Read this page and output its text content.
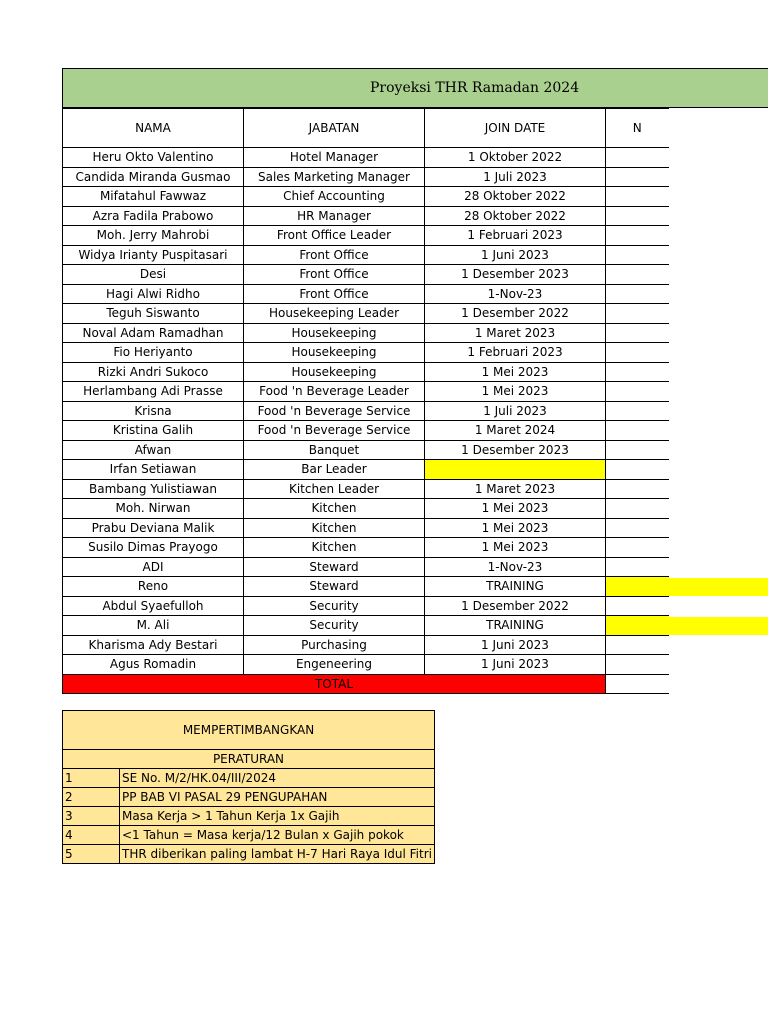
Proyeksi THR Ramadan 2024
NAMA	JABATAN	JOIN DATE	N
Heru Okto Valentino	Hotel Manager	1 Oktober 2022	
Candida Miranda Gusmao	Sales Marketing Manager	1 Juli 2023	
Mifatahul Fawwaz	Chief Accounting	28 Oktober 2022	
Azra Fadila Prabowo	HR Manager	28 Oktober 2022	
Moh. Jerry Mahrobi	Front Office Leader	1 Februari 2023	
Widya Irianty Puspitasari	Front Office	1 Juni 2023	
Desi	Front Office	1 Desember 2023	
Hagi Alwi Ridho	Front Office	1-Nov-23	
Teguh Siswanto	Housekeeping Leader	1 Desember 2022	
Noval Adam Ramadhan	Housekeeping	1 Maret 2023	
Fio Heriyanto	Housekeeping	1 Februari 2023	
Rizki Andri Sukoco	Housekeeping	1 Mei 2023	
Herlambang Adi Prasse	Food 'n Beverage Leader	1 Mei 2023	
Krisna	Food 'n Beverage Service	1 Juli 2023	
Kristina Galih	Food 'n Beverage Service	1 Maret 2024	
Afwan	Banquet	1 Desember 2023	
Irfan Setiawan	Bar Leader		
Bambang Yulistiawan	Kitchen Leader	1 Maret 2023	
Moh. Nirwan	Kitchen	1 Mei 2023	
Prabu Deviana Malik	Kitchen	1 Mei 2023	
Susilo Dimas Prayogo	Kitchen	1 Mei 2023	
ADI	Steward	1-Nov-23	
Reno	Steward	TRAINING	
Abdul Syaefulloh	Security	1 Desember 2022	
M. Ali	Security	TRAINING	
Kharisma Ady Bestari	Purchasing	1 Juni 2023	
Agus Romadin	Engeneering	1 Juni 2023	
TOTAL			
MEMPERTIMBANGKAN	
PERATURAN	
1	SE No. M/2/HK.04/III/2024
2	PP BAB VI PASAL 29 PENGUPAHAN
3	Masa Kerja > 1 Tahun Kerja 1x Gajih
4	<1 Tahun = Masa kerja/12 Bulan x Gajih pokok
5	THR diberikan paling lambat H-7 Hari Raya Idul Fitri
